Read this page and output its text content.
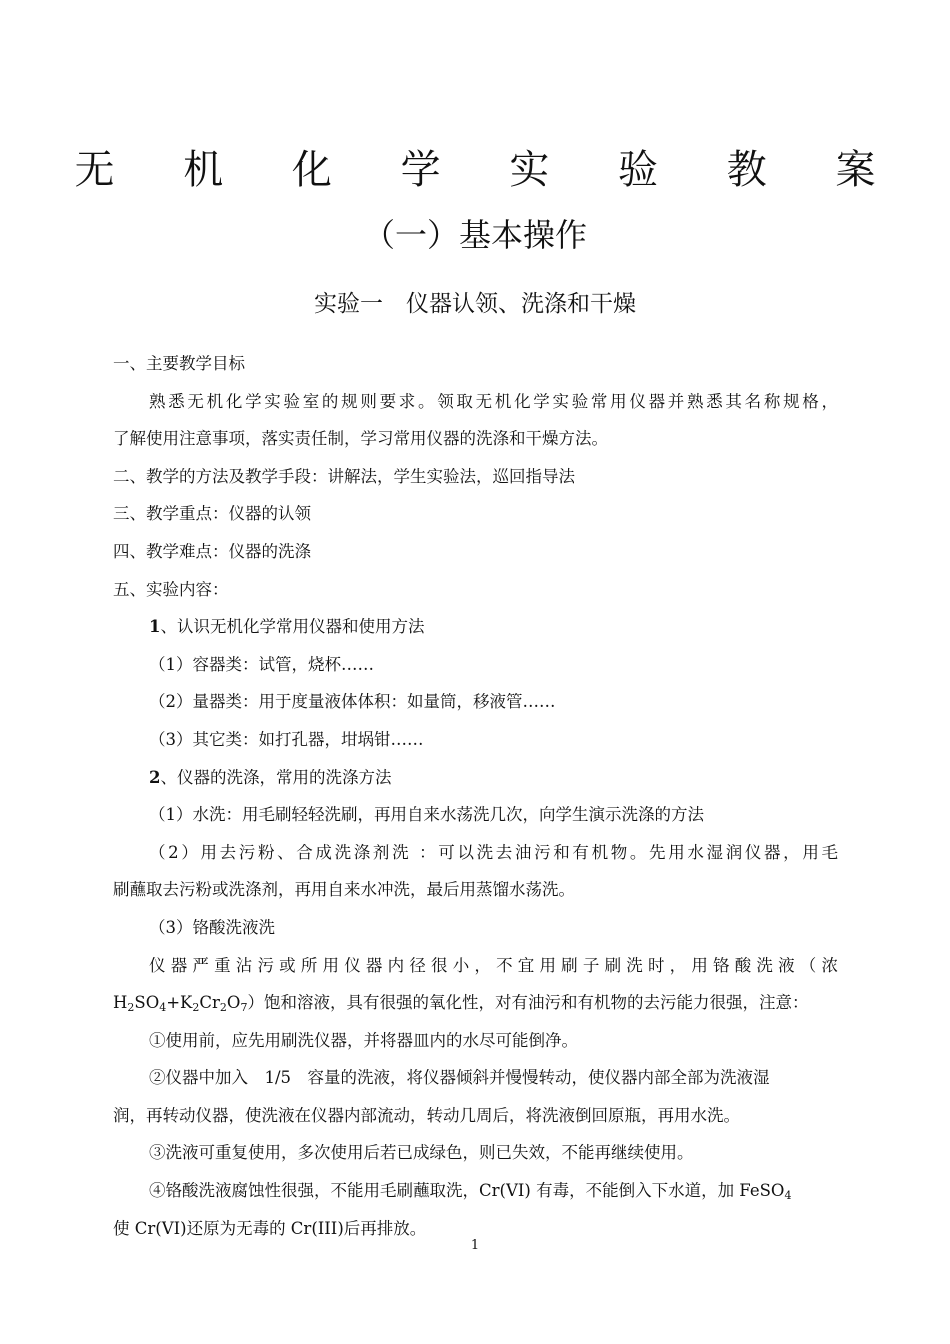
无 机 化 学 实 验 教 案
（一）基本操作
实验一　仪器认领、洗涤和干燥
一、主要教学目标
熟悉无机化学实验室的规则要求。领取无机化学实验常用仪器并熟悉其名称规格，
了解使用注意事项，落实责任制，学习常用仪器的洗涤和干燥方法。
二、教学的方法及教学手段：讲解法，学生实验法，巡回指导法
三、教学重点：仪器的认领
四、教学难点：仪器的洗涤
五、实验内容：
1、认识无机化学常用仪器和使用方法
（1）容器类：试管，烧杯……
（2）量器类：用于度量液体体积：如量筒，移液管……
（3）其它类：如打孔器，坩埚钳……
2、仪器的洗涤，常用的洗涤方法
（1）水洗：用毛刷轻轻洗刷，再用自来水荡洗几次，向学生演示洗涤的方法
（2）用去污粉、合成洗涤剂洗 ：可以洗去油污和有机物。先用水湿润仪器，用毛
刷蘸取去污粉或洗涤剂，再用自来水冲洗，最后用蒸馏水荡洗。
（3）铬酸洗液洗
仪器严重沾污或所用仪器内径很小，不宜用刷子刷洗时，用铬酸洗液（浓
$H_2SO_4+K_2Cr_2O_7$）饱和溶液，具有很强的氧化性，对有油污和有机物的去污能力很强，注意：
①使用前，应先用刷洗仪器，并将器皿内的水尽可能倒净。
②仪器中加入　1/5　容量的洗液，将仪器倾斜并慢慢转动，使仪器内部全部为洗液湿
润，再转动仪器，使洗液在仪器内部流动，转动几周后，将洗液倒回原瓶，再用水洗。
③洗液可重复使用，多次使用后若已成绿色，则已失效，不能再继续使用。
④铬酸洗液腐蚀性很强，不能用毛刷蘸取洗，Cr(VI) 有毒，不能倒入下水道，加 FeSO$_4$
使 Cr(VI)还原为无毒的 Cr(III)后再排放。
1
